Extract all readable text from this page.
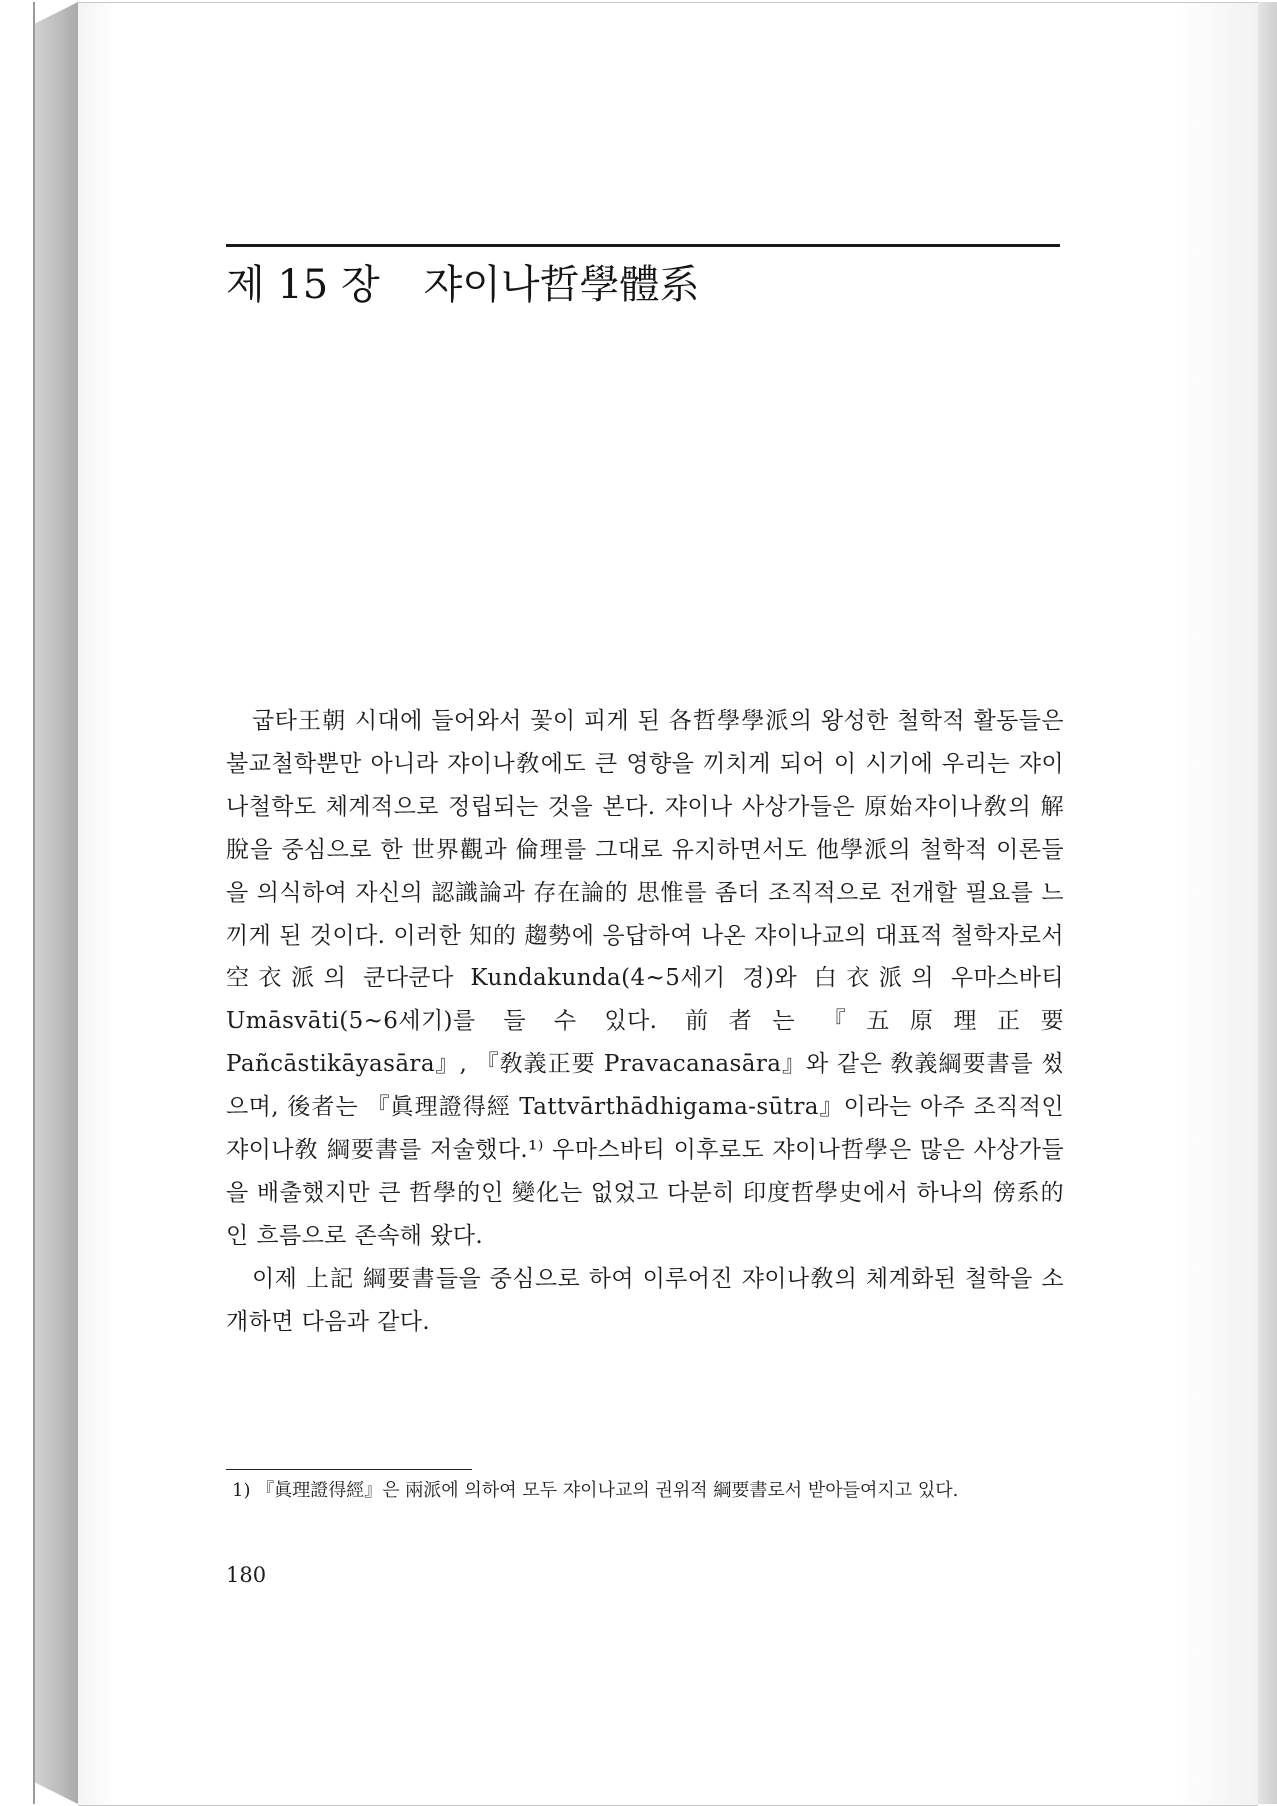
제 15 장 쟈이나哲學體系

굽타王朝 시대에 들어와서 꽃이 피게 된 各哲學學派의 왕성한 철학적 활동들은 불교철학뿐만 아니라 쟈이나敎에도 큰 영향을 끼치게 되어 이 시기에 우리는 쟈이나철학도 체계적으로 정립되는 것을 본다. 쟈이나 사상가들은 原始쟈이나敎의 解脫을 중심으로 한 世界觀과 倫理를 그대로 유지하면서도 他學派의 철학적 이론들을 의식하여 자신의 認識論과 存在論的 思惟를 좀더 조직적으로 전개할 필요를 느끼게 된 것이다. 이러한 知的 趨勢에 응답하여 나온 쟈이나교의 대표적 철학자로서 空衣派의 쿤다쿤다 Kundakunda(4~5세기 경)와 白衣派의 우마스바티 Umāsvāti(5~6세기)를 들 수 있다. 前者는 『五原理正要 Pañcāstikāyasāra』, 『敎義正要 Pravacanasāra』와 같은 敎義綱要書를 썼으며, 後者는 『眞理證得經 Tattvārthādhigama-sūtra』이라는 아주 조직적인 쟈이나敎 綱要書를 저술했다.¹⁾ 우마스바티 이후로도 쟈이나哲學은 많은 사상가들을 배출했지만 큰 哲學的인 變化는 없었고 다분히 印度哲學史에서 하나의 傍系的인 흐름으로 존속해 왔다.

이제 上記 綱要書들을 중심으로 하여 이루어진 쟈이나敎의 체계화된 철학을 소개하면 다음과 같다.

1) 『眞理證得經』은 兩派에 의하여 모두 쟈이나교의 권위적 綱要書로서 받아들여지고 있다.
180
